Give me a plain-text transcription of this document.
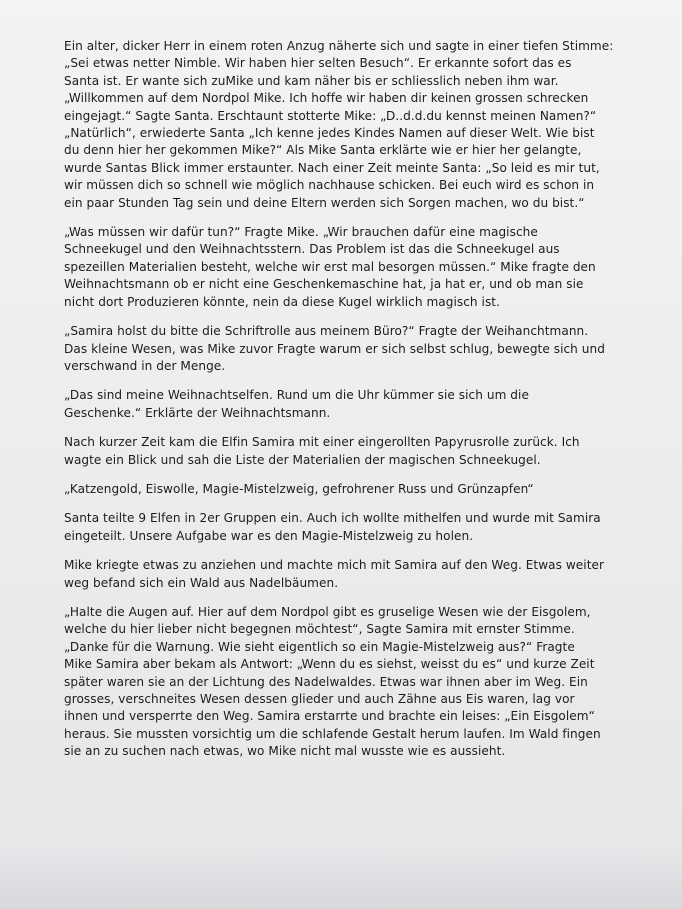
Ein alter, dicker Herr in einem roten Anzug näherte sich und sagte in einer tiefen Stimme:
„Sei etwas netter Nimble. Wir haben hier selten Besuch“. Er erkannte sofort das es
Santa ist. Er wante sich zuMike und kam näher bis er schliesslich neben ihm war.
„Willkommen auf dem Nordpol Mike. Ich hoffe wir haben dir keinen grossen schrecken
eingejagt.“ Sagte Santa. Erschtaunt stotterte Mike: „D..d.d.du kennst meinen Namen?“
„Natürlich“, erwiederte Santa „Ich kenne jedes Kindes Namen auf dieser Welt. Wie bist
du denn hier her gekommen Mike?“ Als Mike Santa erklärte wie er hier her gelangte,
wurde Santas Blick immer erstaunter. Nach einer Zeit meinte Santa: „So leid es mir tut,
wir müssen dich so schnell wie möglich nachhause schicken. Bei euch wird es schon in
ein paar Stunden Tag sein und deine Eltern werden sich Sorgen machen, wo du bist.“
„Was müssen wir dafür tun?“ Fragte Mike. „Wir brauchen dafür eine magische
Schneekugel und den Weihnachtsstern. Das Problem ist das die Schneekugel aus
spezeillen Materialien besteht, welche wir erst mal besorgen müssen.“ Mike fragte den
Weihnachtsmann ob er nicht eine Geschenkemaschine hat, ja hat er, und ob man sie
nicht dort Produzieren könnte, nein da diese Kugel wirklich magisch ist.
„Samira holst du bitte die Schriftrolle aus meinem Büro?“ Fragte der Weihanchtmann.
Das kleine Wesen, was Mike zuvor Fragte warum er sich selbst schlug, bewegte sich und
verschwand in der Menge.
„Das sind meine Weihnachtselfen. Rund um die Uhr kümmer sie sich um die
Geschenke.“ Erklärte der Weihnachtsmann.
Nach kurzer Zeit kam die Elfin Samira mit einer eingerollten Papyrusrolle zurück. Ich
wagte ein Blick und sah die Liste der Materialien der magischen Schneekugel.
„Katzengold, Eiswolle, Magie-Mistelzweig, gefrohrener Russ und Grünzapfen“
Santa teilte 9 Elfen in 2er Gruppen ein. Auch ich wollte mithelfen und wurde mit Samira
eingeteilt. Unsere Aufgabe war es den Magie-Mistelzweig zu holen.
Mike kriegte etwas zu anziehen und machte mich mit Samira auf den Weg. Etwas weiter
weg befand sich ein Wald aus Nadelbäumen.
„Halte die Augen auf. Hier auf dem Nordpol gibt es gruselige Wesen wie der Eisgolem,
welche du hier lieber nicht begegnen möchtest“, Sagte Samira mit ernster Stimme.
„Danke für die Warnung. Wie sieht eigentlich so ein Magie-Mistelzweig aus?“ Fragte
Mike Samira aber bekam als Antwort: „Wenn du es siehst, weisst du es“ und kurze Zeit
später waren sie an der Lichtung des Nadelwaldes. Etwas war ihnen aber im Weg. Ein
grosses, verschneites Wesen dessen glieder und auch Zähne aus Eis waren, lag vor
ihnen und versperrte den Weg. Samira erstarrte und brachte ein leises: „Ein Eisgolem“
heraus. Sie mussten vorsichtig um die schlafende Gestalt herum laufen. Im Wald fingen
sie an zu suchen nach etwas, wo Mike nicht mal wusste wie es aussieht.
